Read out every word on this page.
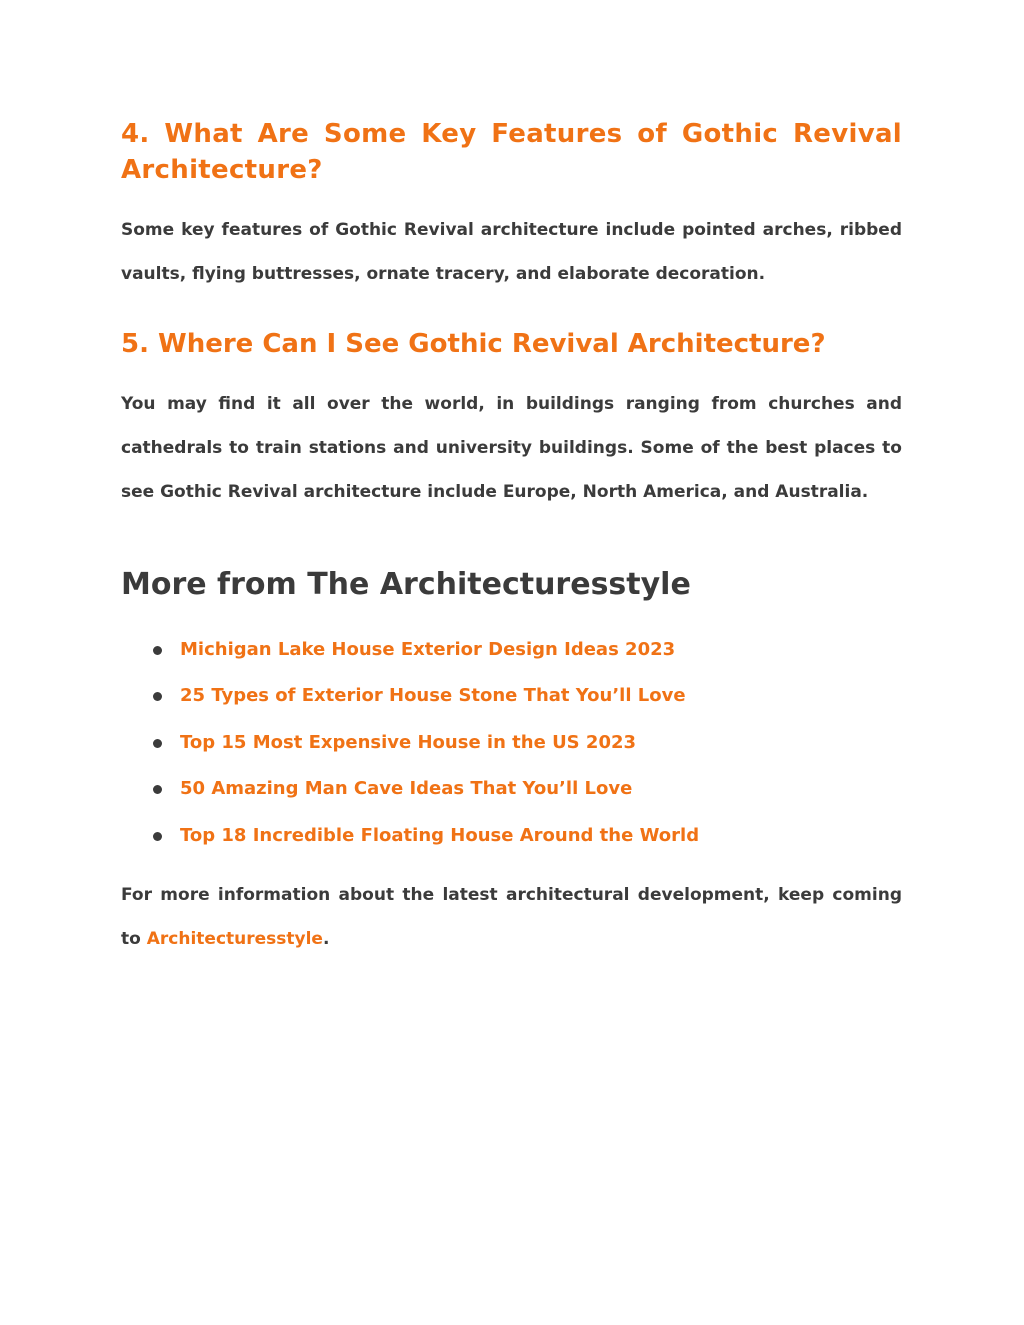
4. What Are Some Key Features of Gothic Revival Architecture?

Some key features of Gothic Revival architecture include pointed arches, ribbed vaults, flying buttresses, ornate tracery, and elaborate decoration.

5. Where Can I See Gothic Revival Architecture?

You may find it all over the world, in buildings ranging from churches and cathedrals to train stations and university buildings. Some of the best places to see Gothic Revival architecture include Europe, North America, and Australia.

More from The Architecturesstyle
Michigan Lake House Exterior Design Ideas 2023
25 Types of Exterior House Stone That You’ll Love
Top 15 Most Expensive House in the US 2023
50 Amazing Man Cave Ideas That You’ll Love
Top 18 Incredible Floating House Around the World

For more information about the latest architectural development, keep coming to Architecturesstyle.
